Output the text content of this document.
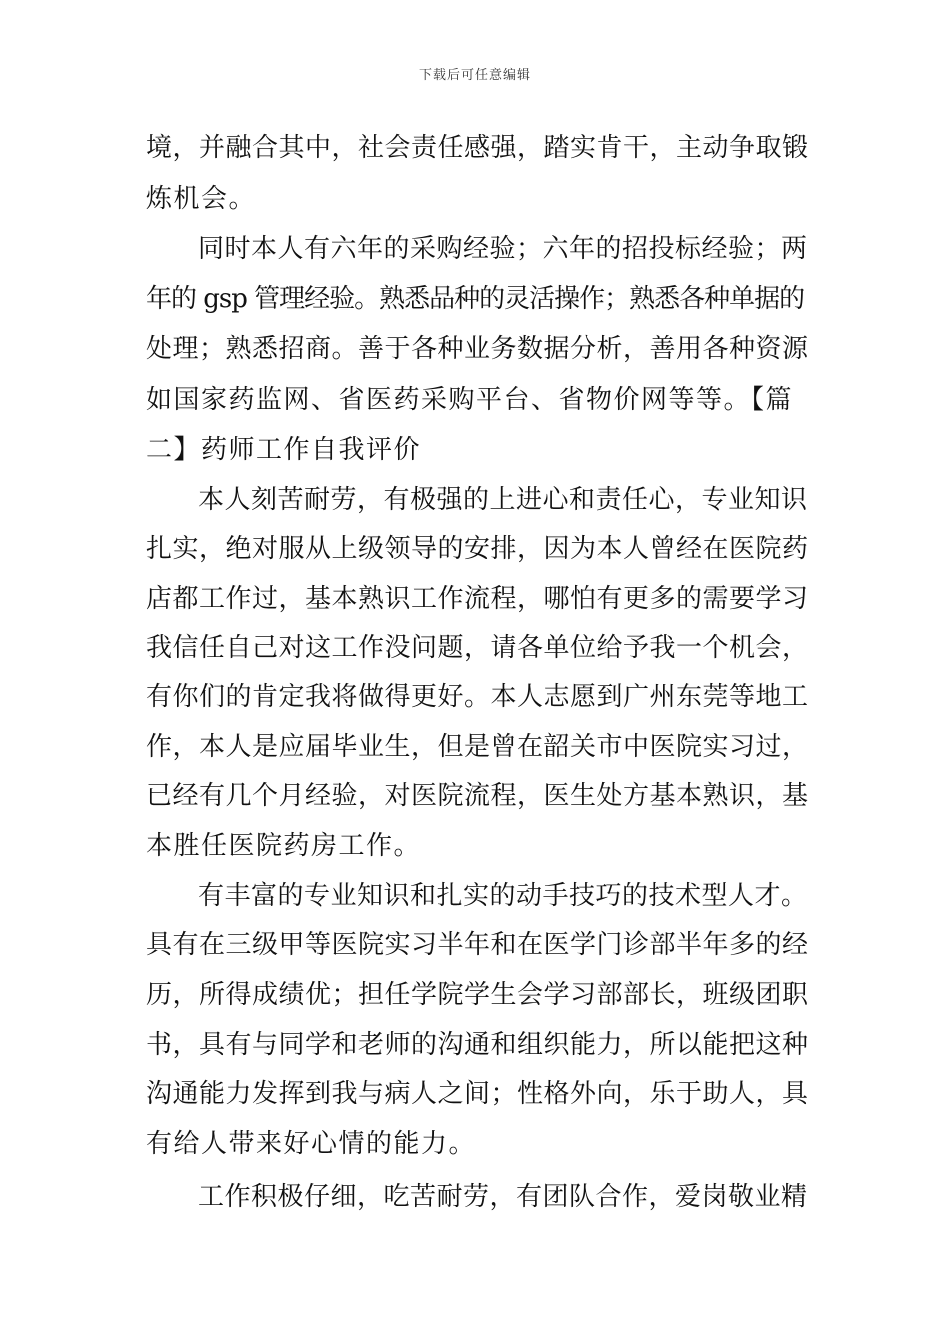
下载后可任意编辑
境，并融合其中，社会责任感强，踏实肯干，主动争取锻
炼机会。
同时本人有六年的采购经验；六年的招投标经验；两
年的 gsp 管理经验。熟悉品种的灵活操作；熟悉各种单据的
处理；熟悉招商。善于各种业务数据分析，善用各种资源
如国家药监网、省医药采购平台、省物价网等等。【篇
二】药师工作自我评价
本人刻苦耐劳，有极强的上进心和责任心，专业知识
扎实，绝对服从上级领导的安排，因为本人曾经在医院药
店都工作过，基本熟识工作流程，哪怕有更多的需要学习
我信任自己对这工作没问题，请各单位给予我一个机会，
有你们的肯定我将做得更好。本人志愿到广州东莞等地工
作，本人是应届毕业生，但是曾在韶关市中医院实习过，
已经有几个月经验，对医院流程，医生处方基本熟识，基
本胜任医院药房工作。
有丰富的专业知识和扎实的动手技巧的技术型人才。
具有在三级甲等医院实习半年和在医学门诊部半年多的经
历，所得成绩优；担任学院学生会学习部部长，班级团职
书，具有与同学和老师的沟通和组织能力，所以能把这种
沟通能力发挥到我与病人之间；性格外向，乐于助人，具
有给人带来好心情的能力。
工作积极仔细，吃苦耐劳，有团队合作，爱岗敬业精
